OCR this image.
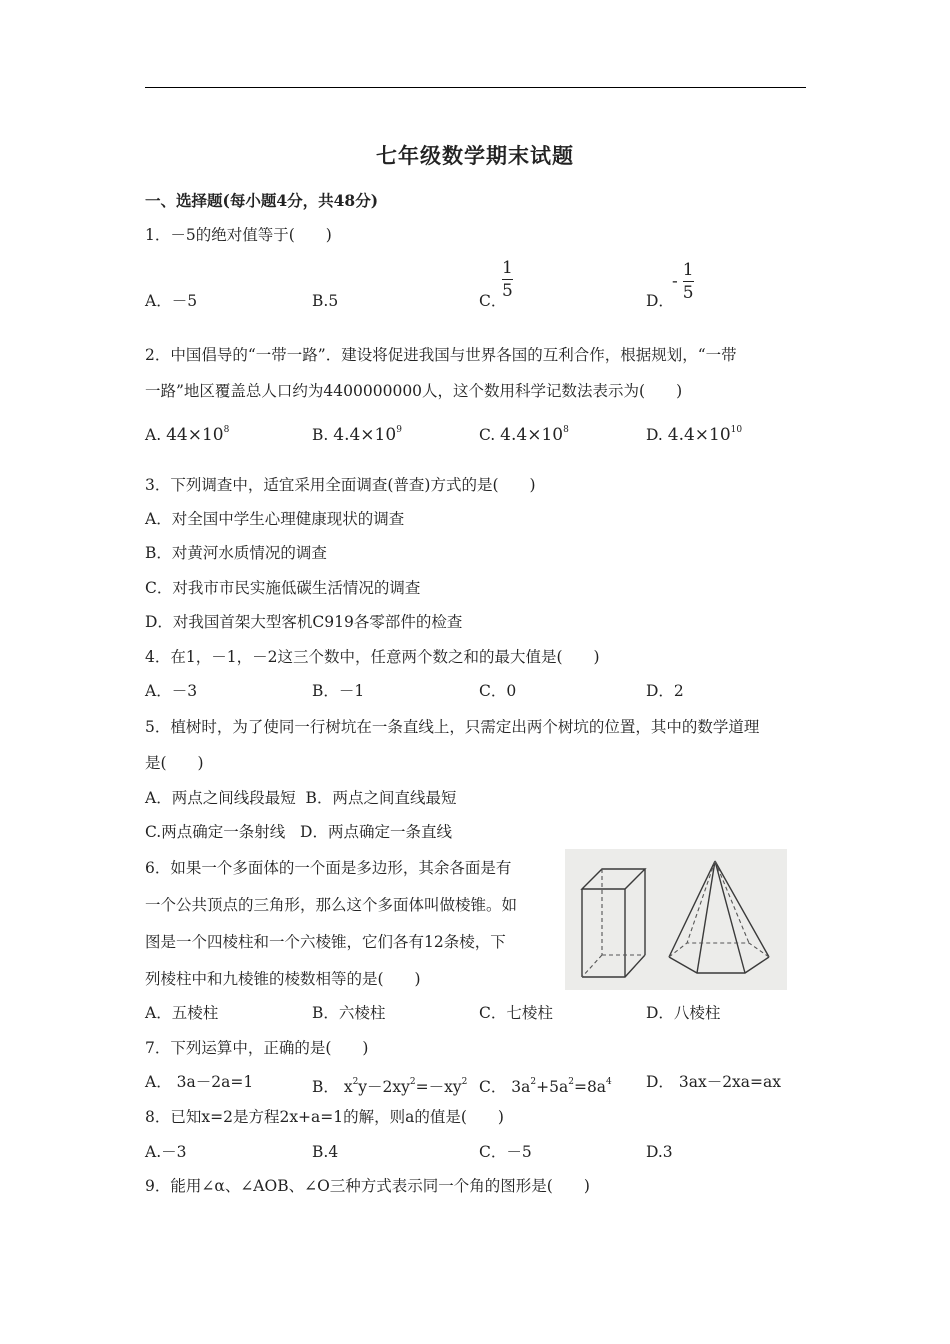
七年级数学期末试题
一、选择题(每小题4分，共48分)
1．－5的绝对值等于(　　)
A．－5	B.5	C．
$\frac{1}{5}$	D．
- $\frac{1}{5}$
2．中国倡导的“一带一路”．建设将促进我国与世界各国的互利合作，根据规划，“一带
一路”地区覆盖总人口约为4400000000人，这个数用科学记数法表示为(　　)
A. $44\times 10^8$	B. $4.4\times 10^9$	C. $4.4\times 10^8$	D. $4.4\times 10^{10}$
3．下列调查中，适宜采用全面调查(普查)方式的是(　　)
A．对全国中学生心理健康现状的调查
B．对黄河水质情况的调查
C．对我市市民实施低碳生活情况的调查
D．对我国首架大型客机C919各零部件的检查
4．在1，－1，－2这三个数中，任意两个数之和的最大值是(　　)
A．－3	B．－1	C．0	D．2
5．植树时，为了使同一行树坑在一条直线上，只需定出两个树坑的位置，其中的数学道理
是(　　)
A．两点之间线段最短  B．两点之间直线最短
C.两点确定一条射线   D．两点确定一条直线
6．如果一个多面体的一个面是多边形，其余各面是有
一个公共顶点的三角形，那么这个多面体叫做棱锥。如
图是一个四棱柱和一个六棱锥，它们各有12条棱，下
列棱柱中和九棱锥的棱数相等的是(　　)
A．五棱柱	B．六棱柱	C．七棱柱	D．八棱柱
7．下列运算中，正确的是(　　)
A． 3a－2a=1	B． $x^2y-2xy^2=-xy^2$ C． $3a^2+5a^2=8a^4$ D． 3ax－2xa=ax
8．已知x=2是方程2x+a=1的解，则a的值是(　　)
A.－3	B.4	C．－5	D.3
9．能用∠α、∠AOB、∠O三种方式表示同一个角的图形是(　　)
